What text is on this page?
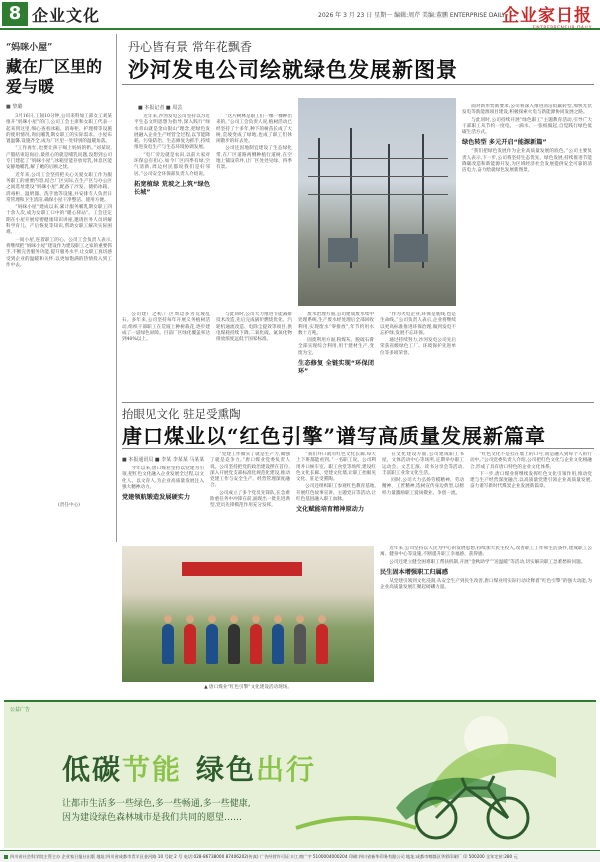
8 企业文化	2026 年 3 月 23 日 星期一 编辑:周芹 美编:董鹏 ENTERPRISE DAILY
企业家日报
“妈咪小屋”
藏在厂区里的爱与暖
■ 黎璐

3月16日,工间10分钟,公司来料加工部女工刘某推开“妈咪小屋”的门,公司工会主席和女职工代表一起来到这里,细心查看冰箱、消毒柜、护理椅等设施的使用情况,询问哺乳期女职工的实际需求。小屋布置温馨,设施齐全,成为厂区里一处特别的温暖角落。

“工作再忙,也要让孩子喝上妈妈的奶。”刘某说,产假结束返岗后,最担心的就是哺乳问题,没想到公司专门建起了“妈咪小屋”,冰箱里能存放母乳,休息区能安静地哺乳,解了她的后顾之忧。

近年来,公司工会坚持把关心关爱女职工作为服务职工的重要内容,结合厂区实际,在生产区与办公区之间选址建设“妈咪小屋”,配备了沙发、储奶冰箱、消毒柜、温奶器、洗手池等设施,并安排专人负责日常管理和卫生清洁,确保小屋干净整洁、使用方便。

“妈咪小屋”建成以来,累计服务哺乳期女职工四十余人次,成为女职工口中的“暖心驿站”。工会还定期在小屋开展母婴健康知识讲座,邀请医务人员讲解科学育儿、产后恢复等知识,帮助女职工解决实际困难。

一间小屋,连着职工的心。公司工会负责人表示,将继续把“妈咪小屋”建设作为建设职工之家的重要抓手,不断完善服务功能,提升服务水平,让女职工真切感受到企业的温暖和关怀,以更加饱满的热情投入到工作中去。

(责任中心)
丹心皆有景 常年花飘香
沙河发电公司绘就绿色发展新图景
■ 本报记者 ■ 周芸

近年来,沙河发电公司坚持以习近平生态文明思想为指导,深入践行“绿水青山就是金山银山”理念,把绿色发展融入企业生产经营全过程,以节能降耗、污染防治、生态修复为抓手,持续推进发电生产与生态环境协调发展。

“电厂旁边就是农田,以前大家对环保总有担心,如今厂区四季有绿,空气清新,周边村民都说我们是好邻居。”公司安全环保部负责人介绍说。

拓宽植绿 荒坡之上筑“绿色长城”

公司建厂之初,厂区周边多为荒坡乱石。多年来,公司坚持每年开展义务植树活动,组织干部职工在荒坡上种树栽花,逐步建成了一道绿色屏障。目前厂区绿化覆盖率达到40%以上。

“这片树林是职工们一棵一棵种出来的。”公司工会负责人说,植树活动已经坚持了十多年,种下的树苗长成了大树,荒坡变成了绿地,也成了职工们休闲散步的好去处。

公司还因地制宜建设了生态绿化带,在厂区道路两侧种植行道树,在空地上铺设草坪,让厂区处处见绿、四季有景。

与此同时,公司大力推进节能减排技术改造,先后完成锅炉燃烧优化、汽轮机通流改造、电除尘提效等项目,供电煤耗持续下降,二氧化硫、氮氧化物排放浓度远低于国家标准。

废水治理方面,公司建成废水集中处理系统,生产废水经处理后全部回收利用,实现废水“零排放”,年节约用水数十万吨。

固废利用方面,粉煤灰、脱硫石膏全部实现综合利用,用于建材生产,变废为宝。

生态修复 全链实现“环保闭环”

“作为火电企业,环保是底线,也是生命线。”公司负责人表示,企业将继续以更高标准推进环保治理,做到发电不忘护绿,发展不忘环保。

通过持续努力,沙河发电公司先后荣获省级绿色工厂、环境保护先进单位等多项荣誉。

面对新形势新要求,公司将深入推进清洁低碳转型,加快光伏发电等新能源项目建设,积极探索火电与新能源协同发展之路。

与此同时,公司持续开展“绿色职工”主题教育活动,引导广大干部职工从节约一度电、一滴水、一张纸做起,自觉践行绿色低碳生活方式。

绿色转型 多元开启“能源新篇”

“我们把绿色发展作为企业高质量发展的底色。”公司主要负责人表示,下一步,公司将坚持生态优先、绿色发展,持续推进节能降碳改造和新能源开发,为区域经济社会发展提供安全可靠的清洁电力,奋力绘就绿色发展新图景。

抬眼见文化 驻足受熏陶
唐口煤业以“红色引擎”谱写高质量发展新篇章
■ 本报通讯员 ■ 李某 李某某 马某某

今年以来,唐口煤业坚持以党建为引领,把红色文化融入企业发展全过程,以文化人、以文育人,为企业高质量发展注入强大精神动力。

党建领航锻造发展硬实力

“党建工作做实了就是生产力,做强了就是竞争力。”唐口煤业党委负责人说。公司坚持把党的政治建设摆在首位,深入开展党支部标准化规范化建设,推动党建工作与安全生产、经营管理深度融合。

公司成立了多个党员先锋队,在急难险重任务中冲锋在前,涌现出一批先进典型,党员先锋模范作用充分发挥。

“我们井口就有红色文化长廊,每天上下班都能看到。”一名职工说。公司利用井口候车室、职工食堂等场所,建设红色文化长廊、党建文化墙,让职工抬眼见文化、驻足受熏陶。

公司还组织职工参观红色教育基地,开展红色故事宣讲、主题党日等活动,让红色基因融入职工血脉。

文化赋能培育精神原动力

在文化建设方面,公司建成职工书屋、文体活动中心等场所,定期举办职工运动会、文艺汇演、读书分享会等活动,丰富职工业余文化生活。

同时,公司大力弘扬劳模精神、劳动精神、工匠精神,选树宣传身边典型,以榜样力量激励职工爱岗敬业、争创一流。

“红色文化不是挂在墙上的口号,而是融入到每个人的行动中。”公司党委负责人介绍,公司把红色文化与企业文化相融合,形成了具有唐口特色的企业文化体系。

下一步,唐口煤业将继续发挥红色文化引领作用,推动党建与生产经营深度融合,以高质量党建引领企业高质量发展,奋力谱写新时代煤炭企业发展新篇章。

▲ 唐口煤业“红色引擎”文化建设活动现场。

近年来,公司坚持以人民为中心的发展思想,持续加大民生投入,改善职工工作和生活条件,建成职工公寓、健身中心等设施,不断提升职工幸福感、获得感。

公司还建立健全困难职工帮扶机制,开展“金秋助学”“送温暖”等活动,切实解决职工急难愁盼问题。

民生固本增强职工归属感

从党建引领到文化浸润,从安全生产到民生改善,唐口煤业用实际行动诠释着“红色引擎”的强大动能,为企业高质量发展汇聚起磅礴力量。

公益广告
低碳节能 绿色出行
让都市生活多一些绿色,多一些畅通,多一些健康,
因为建设绿色森林城市是我们共同的愿望……
四川省社会科学院主管主办 企业家日报社出版 地址:四川省成都市青羊区金河路 10 号院 2 号 电话:028-86738000 87406202(传真) 广告经营许可证:川工商广字 5100004000204 印刷:四川省新华印务有限公司 地址:成都市郫都区华彩印刷厂 印 500200 全年定价:280 元
